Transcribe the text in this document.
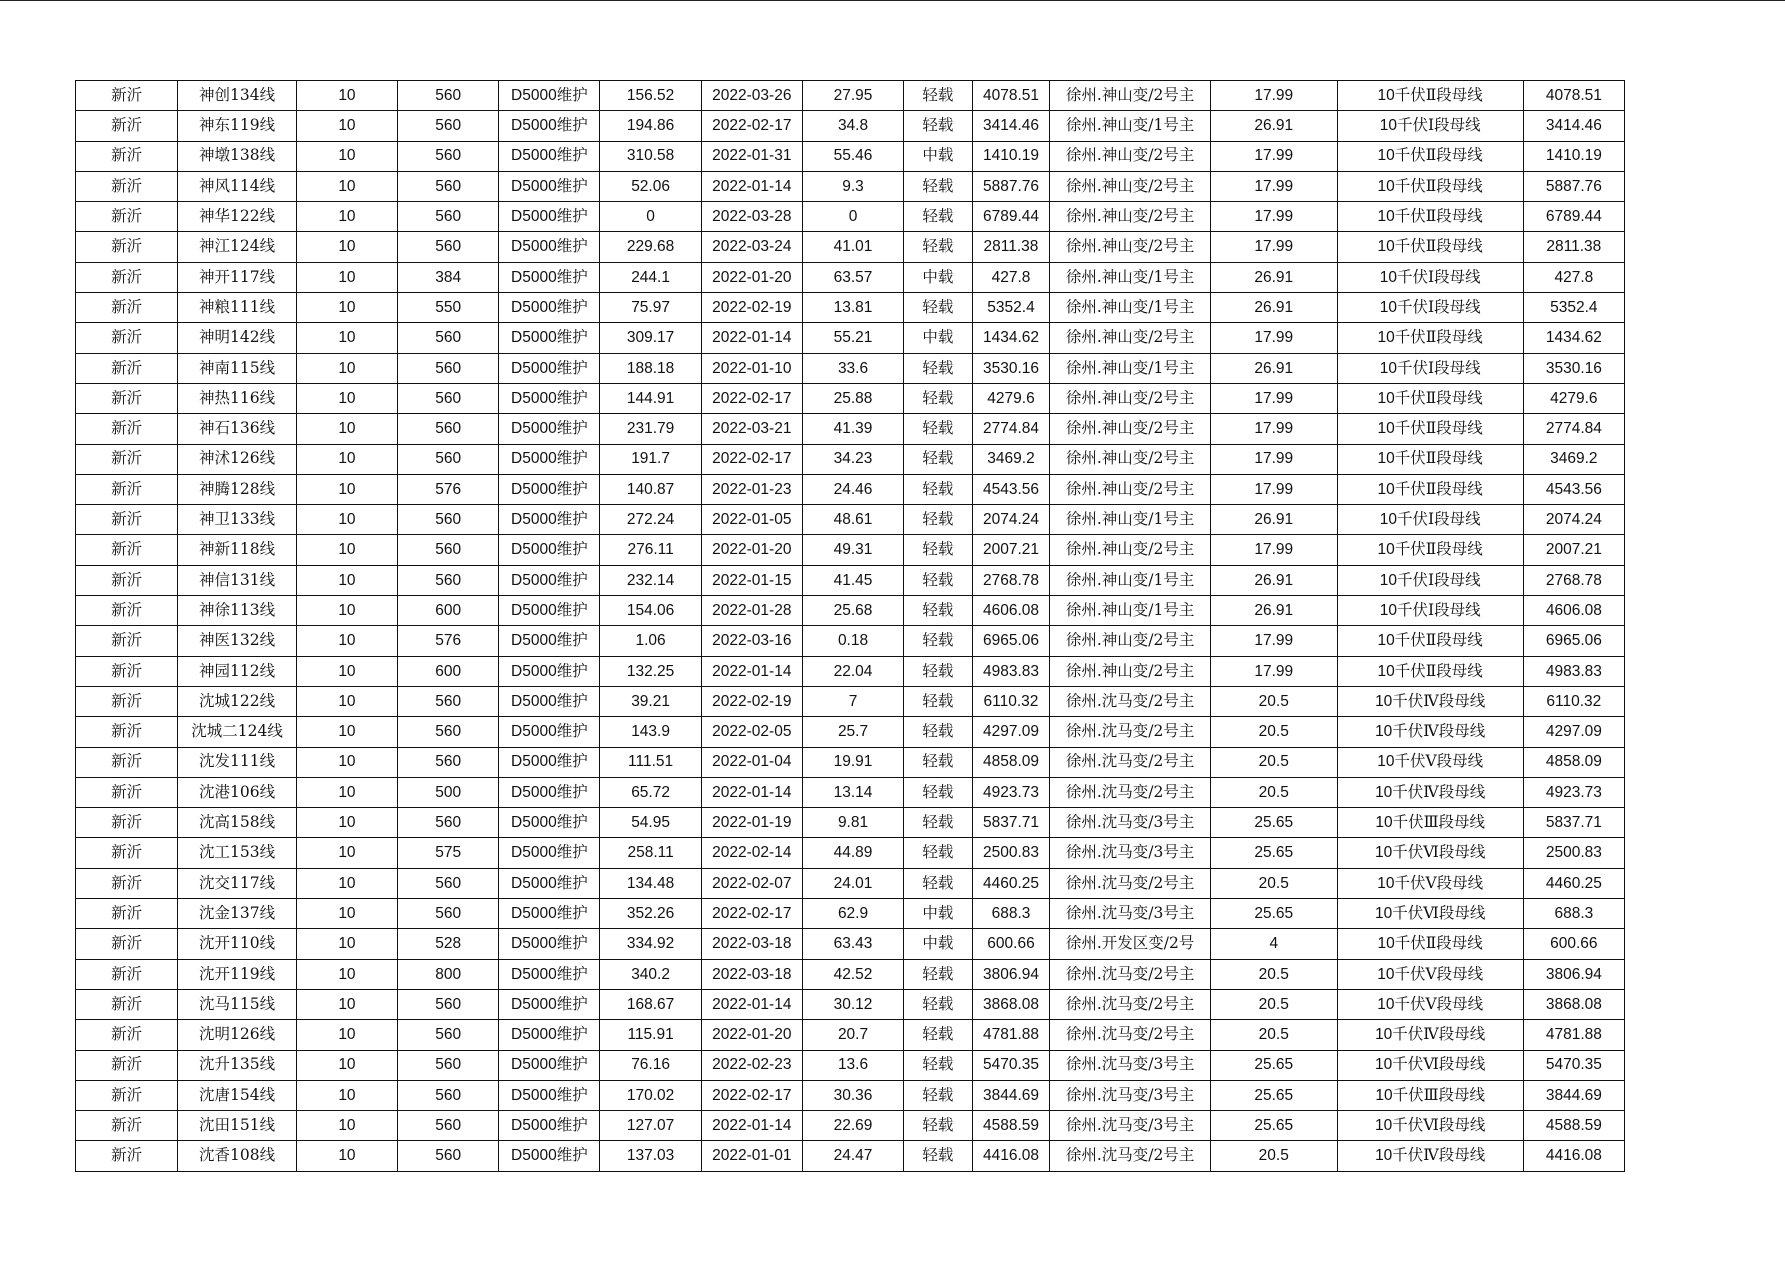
新沂	神创134线	10	560	D5000维护	156.52	2022-03-26	27.95	轻载	4078.51	徐州.神山变/2号主	17.99	10千伏Ⅱ段母线	4078.51
新沂	神东119线	10	560	D5000维护	194.86	2022-02-17	34.8	轻载	3414.46	徐州.神山变/1号主	26.91	10千伏Ⅰ段母线	3414.46
新沂	神墩138线	10	560	D5000维护	310.58	2022-01-31	55.46	中载	1410.19	徐州.神山变/2号主	17.99	10千伏Ⅱ段母线	1410.19
新沂	神风114线	10	560	D5000维护	52.06	2022-01-14	9.3	轻载	5887.76	徐州.神山变/2号主	17.99	10千伏Ⅱ段母线	5887.76
新沂	神华122线	10	560	D5000维护	0	2022-03-28	0	轻载	6789.44	徐州.神山变/2号主	17.99	10千伏Ⅱ段母线	6789.44
新沂	神江124线	10	560	D5000维护	229.68	2022-03-24	41.01	轻载	2811.38	徐州.神山变/2号主	17.99	10千伏Ⅱ段母线	2811.38
新沂	神开117线	10	384	D5000维护	244.1	2022-01-20	63.57	中载	427.8	徐州.神山变/1号主	26.91	10千伏Ⅰ段母线	427.8
新沂	神粮111线	10	550	D5000维护	75.97	2022-02-19	13.81	轻载	5352.4	徐州.神山变/1号主	26.91	10千伏Ⅰ段母线	5352.4
新沂	神明142线	10	560	D5000维护	309.17	2022-01-14	55.21	中载	1434.62	徐州.神山变/2号主	17.99	10千伏Ⅱ段母线	1434.62
新沂	神南115线	10	560	D5000维护	188.18	2022-01-10	33.6	轻载	3530.16	徐州.神山变/1号主	26.91	10千伏Ⅰ段母线	3530.16
新沂	神热116线	10	560	D5000维护	144.91	2022-02-17	25.88	轻载	4279.6	徐州.神山变/2号主	17.99	10千伏Ⅱ段母线	4279.6
新沂	神石136线	10	560	D5000维护	231.79	2022-03-21	41.39	轻载	2774.84	徐州.神山变/2号主	17.99	10千伏Ⅱ段母线	2774.84
新沂	神沭126线	10	560	D5000维护	191.7	2022-02-17	34.23	轻载	3469.2	徐州.神山变/2号主	17.99	10千伏Ⅱ段母线	3469.2
新沂	神腾128线	10	576	D5000维护	140.87	2022-01-23	24.46	轻载	4543.56	徐州.神山变/2号主	17.99	10千伏Ⅱ段母线	4543.56
新沂	神卫133线	10	560	D5000维护	272.24	2022-01-05	48.61	轻载	2074.24	徐州.神山变/1号主	26.91	10千伏Ⅰ段母线	2074.24
新沂	神新118线	10	560	D5000维护	276.11	2022-01-20	49.31	轻载	2007.21	徐州.神山变/2号主	17.99	10千伏Ⅱ段母线	2007.21
新沂	神信131线	10	560	D5000维护	232.14	2022-01-15	41.45	轻载	2768.78	徐州.神山变/1号主	26.91	10千伏Ⅰ段母线	2768.78
新沂	神徐113线	10	600	D5000维护	154.06	2022-01-28	25.68	轻载	4606.08	徐州.神山变/1号主	26.91	10千伏Ⅰ段母线	4606.08
新沂	神医132线	10	576	D5000维护	1.06	2022-03-16	0.18	轻载	6965.06	徐州.神山变/2号主	17.99	10千伏Ⅱ段母线	6965.06
新沂	神园112线	10	600	D5000维护	132.25	2022-01-14	22.04	轻载	4983.83	徐州.神山变/2号主	17.99	10千伏Ⅱ段母线	4983.83
新沂	沈城122线	10	560	D5000维护	39.21	2022-02-19	7	轻载	6110.32	徐州.沈马变/2号主	20.5	10千伏Ⅳ段母线	6110.32
新沂	沈城二124线	10	560	D5000维护	143.9	2022-02-05	25.7	轻载	4297.09	徐州.沈马变/2号主	20.5	10千伏Ⅳ段母线	4297.09
新沂	沈发111线	10	560	D5000维护	111.51	2022-01-04	19.91	轻载	4858.09	徐州.沈马变/2号主	20.5	10千伏Ⅴ段母线	4858.09
新沂	沈港106线	10	500	D5000维护	65.72	2022-01-14	13.14	轻载	4923.73	徐州.沈马变/2号主	20.5	10千伏Ⅳ段母线	4923.73
新沂	沈高158线	10	560	D5000维护	54.95	2022-01-19	9.81	轻载	5837.71	徐州.沈马变/3号主	25.65	10千伏Ⅲ段母线	5837.71
新沂	沈工153线	10	575	D5000维护	258.11	2022-02-14	44.89	轻载	2500.83	徐州.沈马变/3号主	25.65	10千伏Ⅵ段母线	2500.83
新沂	沈交117线	10	560	D5000维护	134.48	2022-02-07	24.01	轻载	4460.25	徐州.沈马变/2号主	20.5	10千伏Ⅴ段母线	4460.25
新沂	沈金137线	10	560	D5000维护	352.26	2022-02-17	62.9	中载	688.3	徐州.沈马变/3号主	25.65	10千伏Ⅵ段母线	688.3
新沂	沈开110线	10	528	D5000维护	334.92	2022-03-18	63.43	中载	600.66	徐州.开发区变/2号	4	10千伏Ⅱ段母线	600.66
新沂	沈开119线	10	800	D5000维护	340.2	2022-03-18	42.52	轻载	3806.94	徐州.沈马变/2号主	20.5	10千伏Ⅴ段母线	3806.94
新沂	沈马115线	10	560	D5000维护	168.67	2022-01-14	30.12	轻载	3868.08	徐州.沈马变/2号主	20.5	10千伏Ⅴ段母线	3868.08
新沂	沈明126线	10	560	D5000维护	115.91	2022-01-20	20.7	轻载	4781.88	徐州.沈马变/2号主	20.5	10千伏Ⅳ段母线	4781.88
新沂	沈升135线	10	560	D5000维护	76.16	2022-02-23	13.6	轻载	5470.35	徐州.沈马变/3号主	25.65	10千伏Ⅵ段母线	5470.35
新沂	沈唐154线	10	560	D5000维护	170.02	2022-02-17	30.36	轻载	3844.69	徐州.沈马变/3号主	25.65	10千伏Ⅲ段母线	3844.69
新沂	沈田151线	10	560	D5000维护	127.07	2022-01-14	22.69	轻载	4588.59	徐州.沈马变/3号主	25.65	10千伏Ⅵ段母线	4588.59
新沂	沈香108线	10	560	D5000维护	137.03	2022-01-01	24.47	轻载	4416.08	徐州.沈马变/2号主	20.5	10千伏Ⅳ段母线	4416.08
